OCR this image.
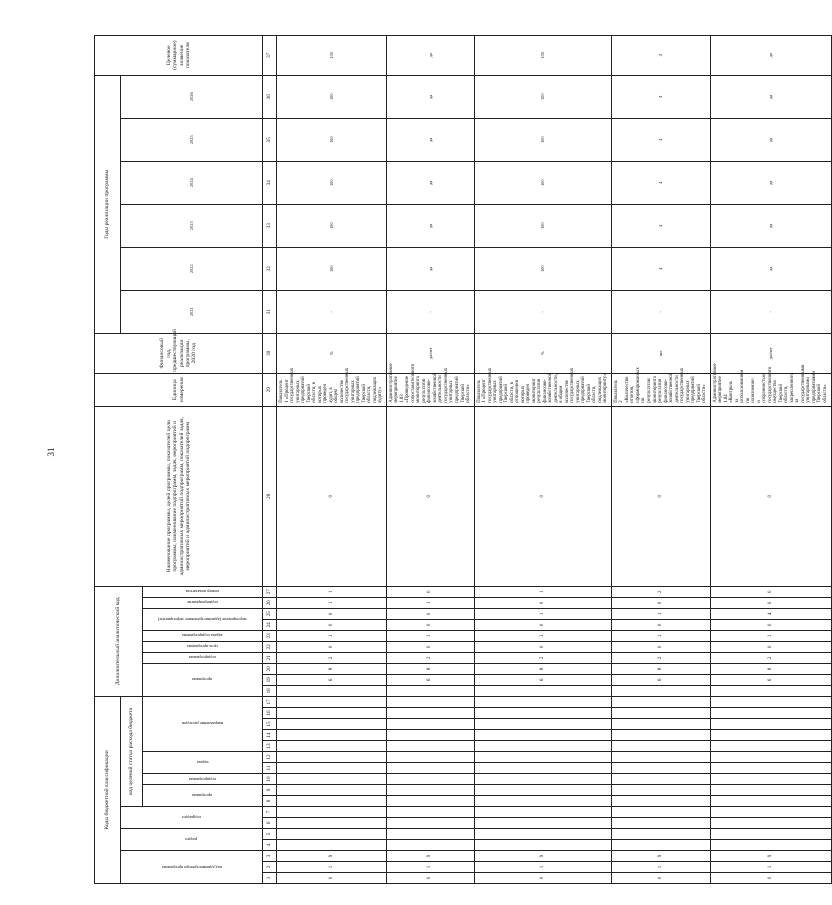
31
Коды бюджетной классификации																	Дополнительный аналитический код										Наименование программы, целей программы, показателей цели программы, наименование подпрограмм, задач, мероприятий и административных мероприятий подпрограмм, показателей задач, мероприятий и административных мероприятий подпрограмм	Единица измерения	Финансовый год, предшествующий реализации программы, 2020 год	Годы реализации программы						Целевое (суммарное) значение показателя	

код администратора программы			раздел		подраздел		код целевой статьи расхода бюджета																							2021	2022	2023	2024	2025	2026		

							программа		подпрограмма	задача		направление расходов					программа			подпрограмма	цель программы	задача подпрограммы	мероприятие (административное мероприятие)		подмероприятие	номер показателя											

1	2	3	4	5	6	7	8	9	10	11	12	13	14	15	16	17	18	19	20	21	22	23	24	25	26	27	28	29	30	31	32	33	34	35	36	37	
0	1	9																6	8	2	0	1	0	0	1	1	0	Показатель 1 «Процент государственных унитарных предприятий Тверской области, в которых проведен аудит, в общем количестве государственных унитарных предприятий Тверской области, подлежащих аудиту»	%	-	100	100	100	100	100	100	
0	1	9																6	8	2	0	1	0	0	1	0	0	Административное мероприятие 1.03 «Проведение сопоставительного мониторинга результатов финансово-хозяйственной деятельности государственных унитарных предприятий Тверской области»	да/нет	-	да	да	да	да	да	да	
0	1	9																6	8	2	0	1	0	1	0	1	0	Показатель 1 «Процент государственных унитарных предприятий Тверской области, в отношении которых проведен мониторинг результатов финансово-хозяйственной деятельности, в общем количестве государственных унитарных предприятий Тверской области, подлежащих мониторингу»	%	-	100	100	100	100	100	100	
0	1	9																6	8	2	0	1	0	1	0	2	0	Показатель 2 «Количество отчетов, сформированных по результатам мониторинга результатов финансово-хозяйственной деятельности государственных унитарных предприятий Тверской области»	шт.	-	4	4	4	4	4	4	
0	1	9																6	8	2	0	1	0	4	0	0	0	Административное мероприятие 1.04 «Контроль за использованием по назначению и сохранностью государственного имущества Тверской области, закрепленного за государственными унитарными предприятиями Тверской области»	да/нет	-	да	да	да	да	да	да	
